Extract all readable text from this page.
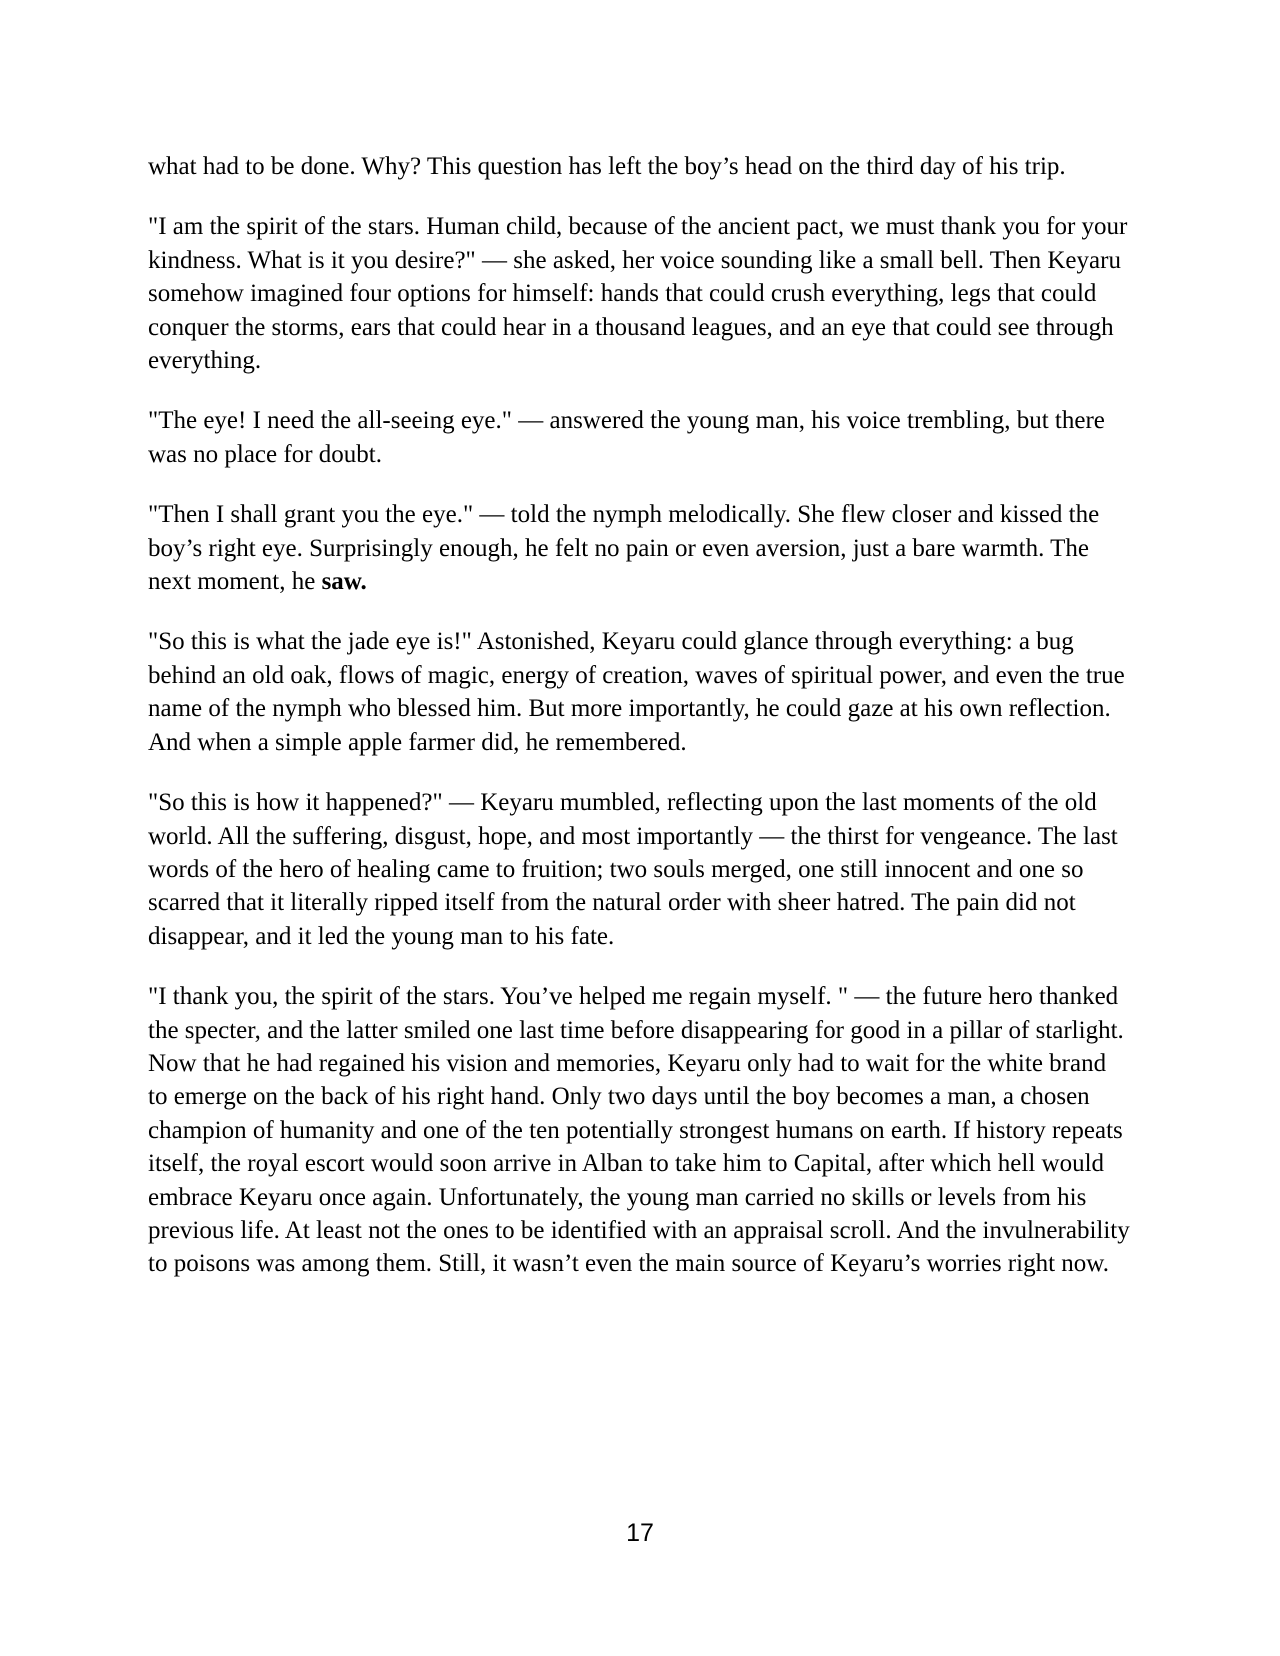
what had to be done. Why? This question has left the boy’s head on the third day of his trip.

"I am the spirit of the stars. Human child, because of the ancient pact, we must thank you for your kindness. What is it you desire?" — she asked, her voice sounding like a small bell. Then Keyaru somehow imagined four options for himself: hands that could crush everything, legs that could conquer the storms, ears that could hear in a thousand leagues, and an eye that could see through everything.

"The eye! I need the all-seeing eye." — answered the young man, his voice trembling, but there was no place for doubt.

"Then I shall grant you the eye." — told the nymph melodically. She flew closer and kissed the boy’s right eye. Surprisingly enough, he felt no pain or even aversion, just a bare warmth. The next moment, he saw.

"So this is what the jade eye is!" Astonished, Keyaru could glance through everything: a bug behind an old oak, flows of magic, energy of creation, waves of spiritual power, and even the true name of the nymph who blessed him. But more importantly, he could gaze at his own reflection. And when a simple apple farmer did, he remembered.

"So this is how it happened?" — Keyaru mumbled, reflecting upon the last moments of the old world. All the suffering, disgust, hope, and most importantly — the thirst for vengeance. The last words of the hero of healing came to fruition; two souls merged, one still innocent and one so scarred that it literally ripped itself from the natural order with sheer hatred. The pain did not disappear, and it led the young man to his fate.

"I thank you, the spirit of the stars. You’ve helped me regain myself. " — the future hero thanked the specter, and the latter smiled one last time before disappearing for good in a pillar of starlight. Now that he had regained his vision and memories, Keyaru only had to wait for the white brand to emerge on the back of his right hand. Only two days until the boy becomes a man, a chosen champion of humanity and one of the ten potentially strongest humans on earth. If history repeats itself, the royal escort would soon arrive in Alban to take him to Capital, after which hell would embrace Keyaru once again. Unfortunately, the young man carried no skills or levels from his previous life. At least not the ones to be identified with an appraisal scroll. And the invulnerability to poisons was among them. Still, it wasn’t even the main source of Keyaru’s worries right now.

17
